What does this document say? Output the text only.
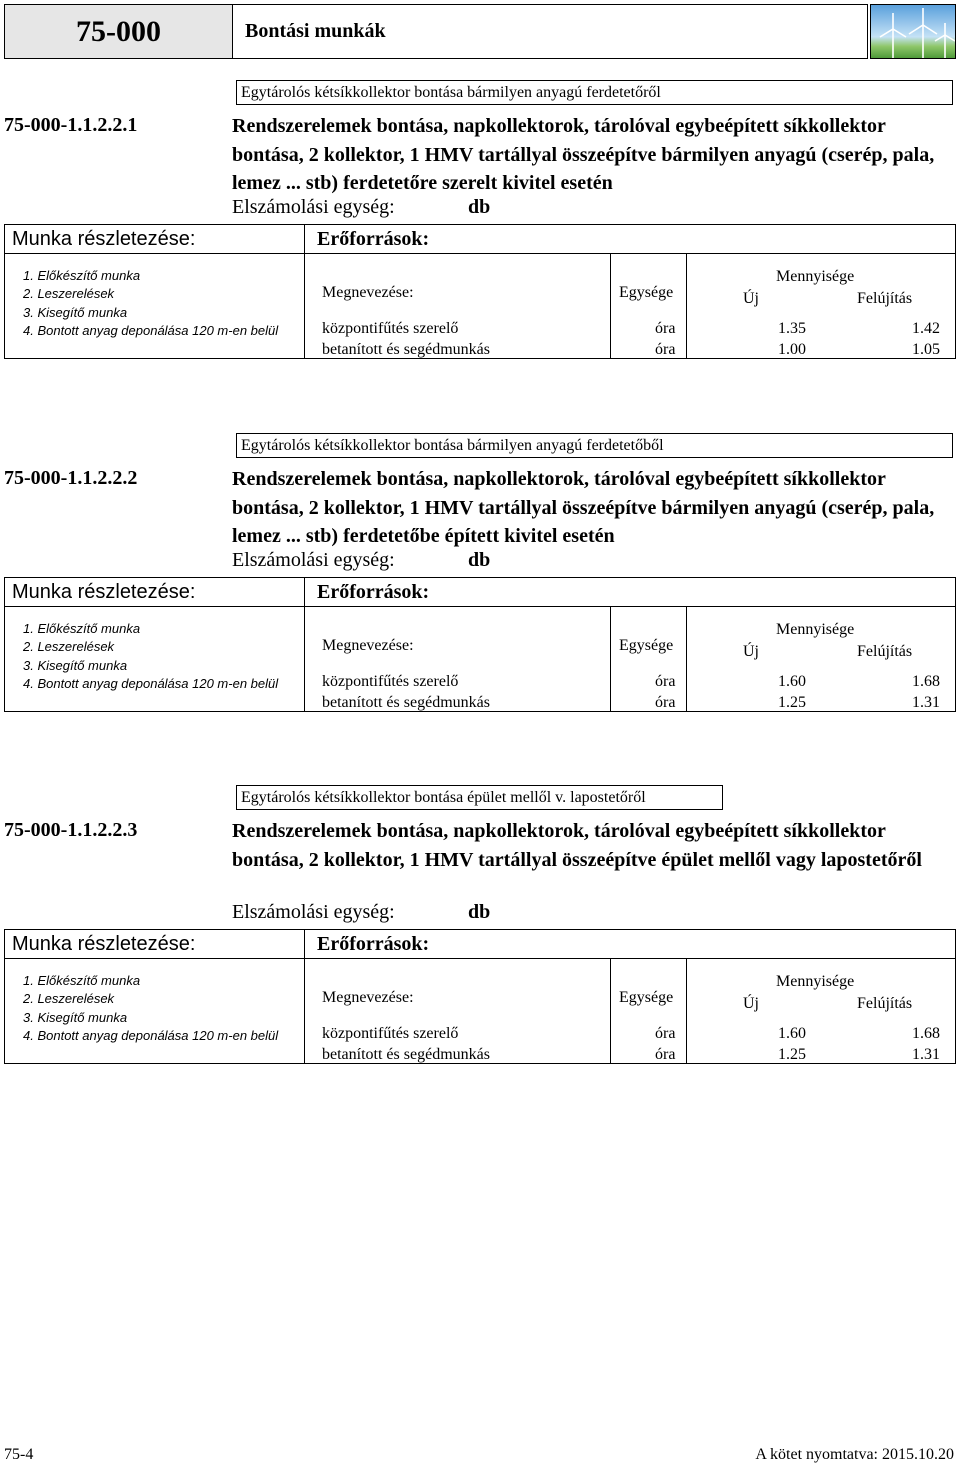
75-000	Bontási munkák
Egytárolós kétsíkkollektor bontása bármilyen anyagú ferdetetőről
75-000-1.1.2.2.1	Rendszerelemek bontása, napkollektorok, tárolóval egybeépített síkkollektor bontása, 2 kollektor, 1 HMV tartállyal összeépítve bármilyen anyagú (cserép, pala, lemez ... stb) ferdetetőre szerelt kivitel esetén
Elszámolási egység:	db
Munka részletezése:	Erőforrások:
1. Előkészítő munka
2. Leszerelések
3. Kisegítő munka
4. Bontott anyag deponálása 120 m-en belül
Megnevezése:	Egysége
Mennyisége
Új	Felújítás
központifűtés szerelő	óra	1.35	1.42
betanított és segédmunkás	óra	1.00	1.05
Egytárolós kétsíkkollektor bontása bármilyen anyagú ferdetetőből
75-000-1.1.2.2.2	Rendszerelemek bontása, napkollektorok, tárolóval egybeépített síkkollektor bontása, 2 kollektor, 1 HMV tartállyal összeépítve bármilyen anyagú (cserép, pala, lemez ... stb) ferdetetőbe épített kivitel esetén
Elszámolási egység:	db
Munka részletezése:	Erőforrások:
1. Előkészítő munka
2. Leszerelések
3. Kisegítő munka
4. Bontott anyag deponálása 120 m-en belül
Megnevezése:	Egysége
Mennyisége
Új	Felújítás
központifűtés szerelő	óra	1.60	1.68
betanított és segédmunkás	óra	1.25	1.31
Egytárolós kétsíkkollektor bontása épület mellől v. lapostetőről
75-000-1.1.2.2.3	Rendszerelemek bontása, napkollektorok, tárolóval egybeépített síkkollektor bontása, 2 kollektor, 1 HMV tartállyal összeépítve épület mellől vagy lapostetőről
Elszámolási egység:	db
Munka részletezése:	Erőforrások:
1. Előkészítő munka
2. Leszerelések
3. Kisegítő munka
4. Bontott anyag deponálása 120 m-en belül
Megnevezése:	Egysége
Mennyisége
Új	Felújítás
központifűtés szerelő	óra	1.60	1.68
betanított és segédmunkás	óra	1.25	1.31
75-4	A kötet nyomtatva: 2015.10.20
